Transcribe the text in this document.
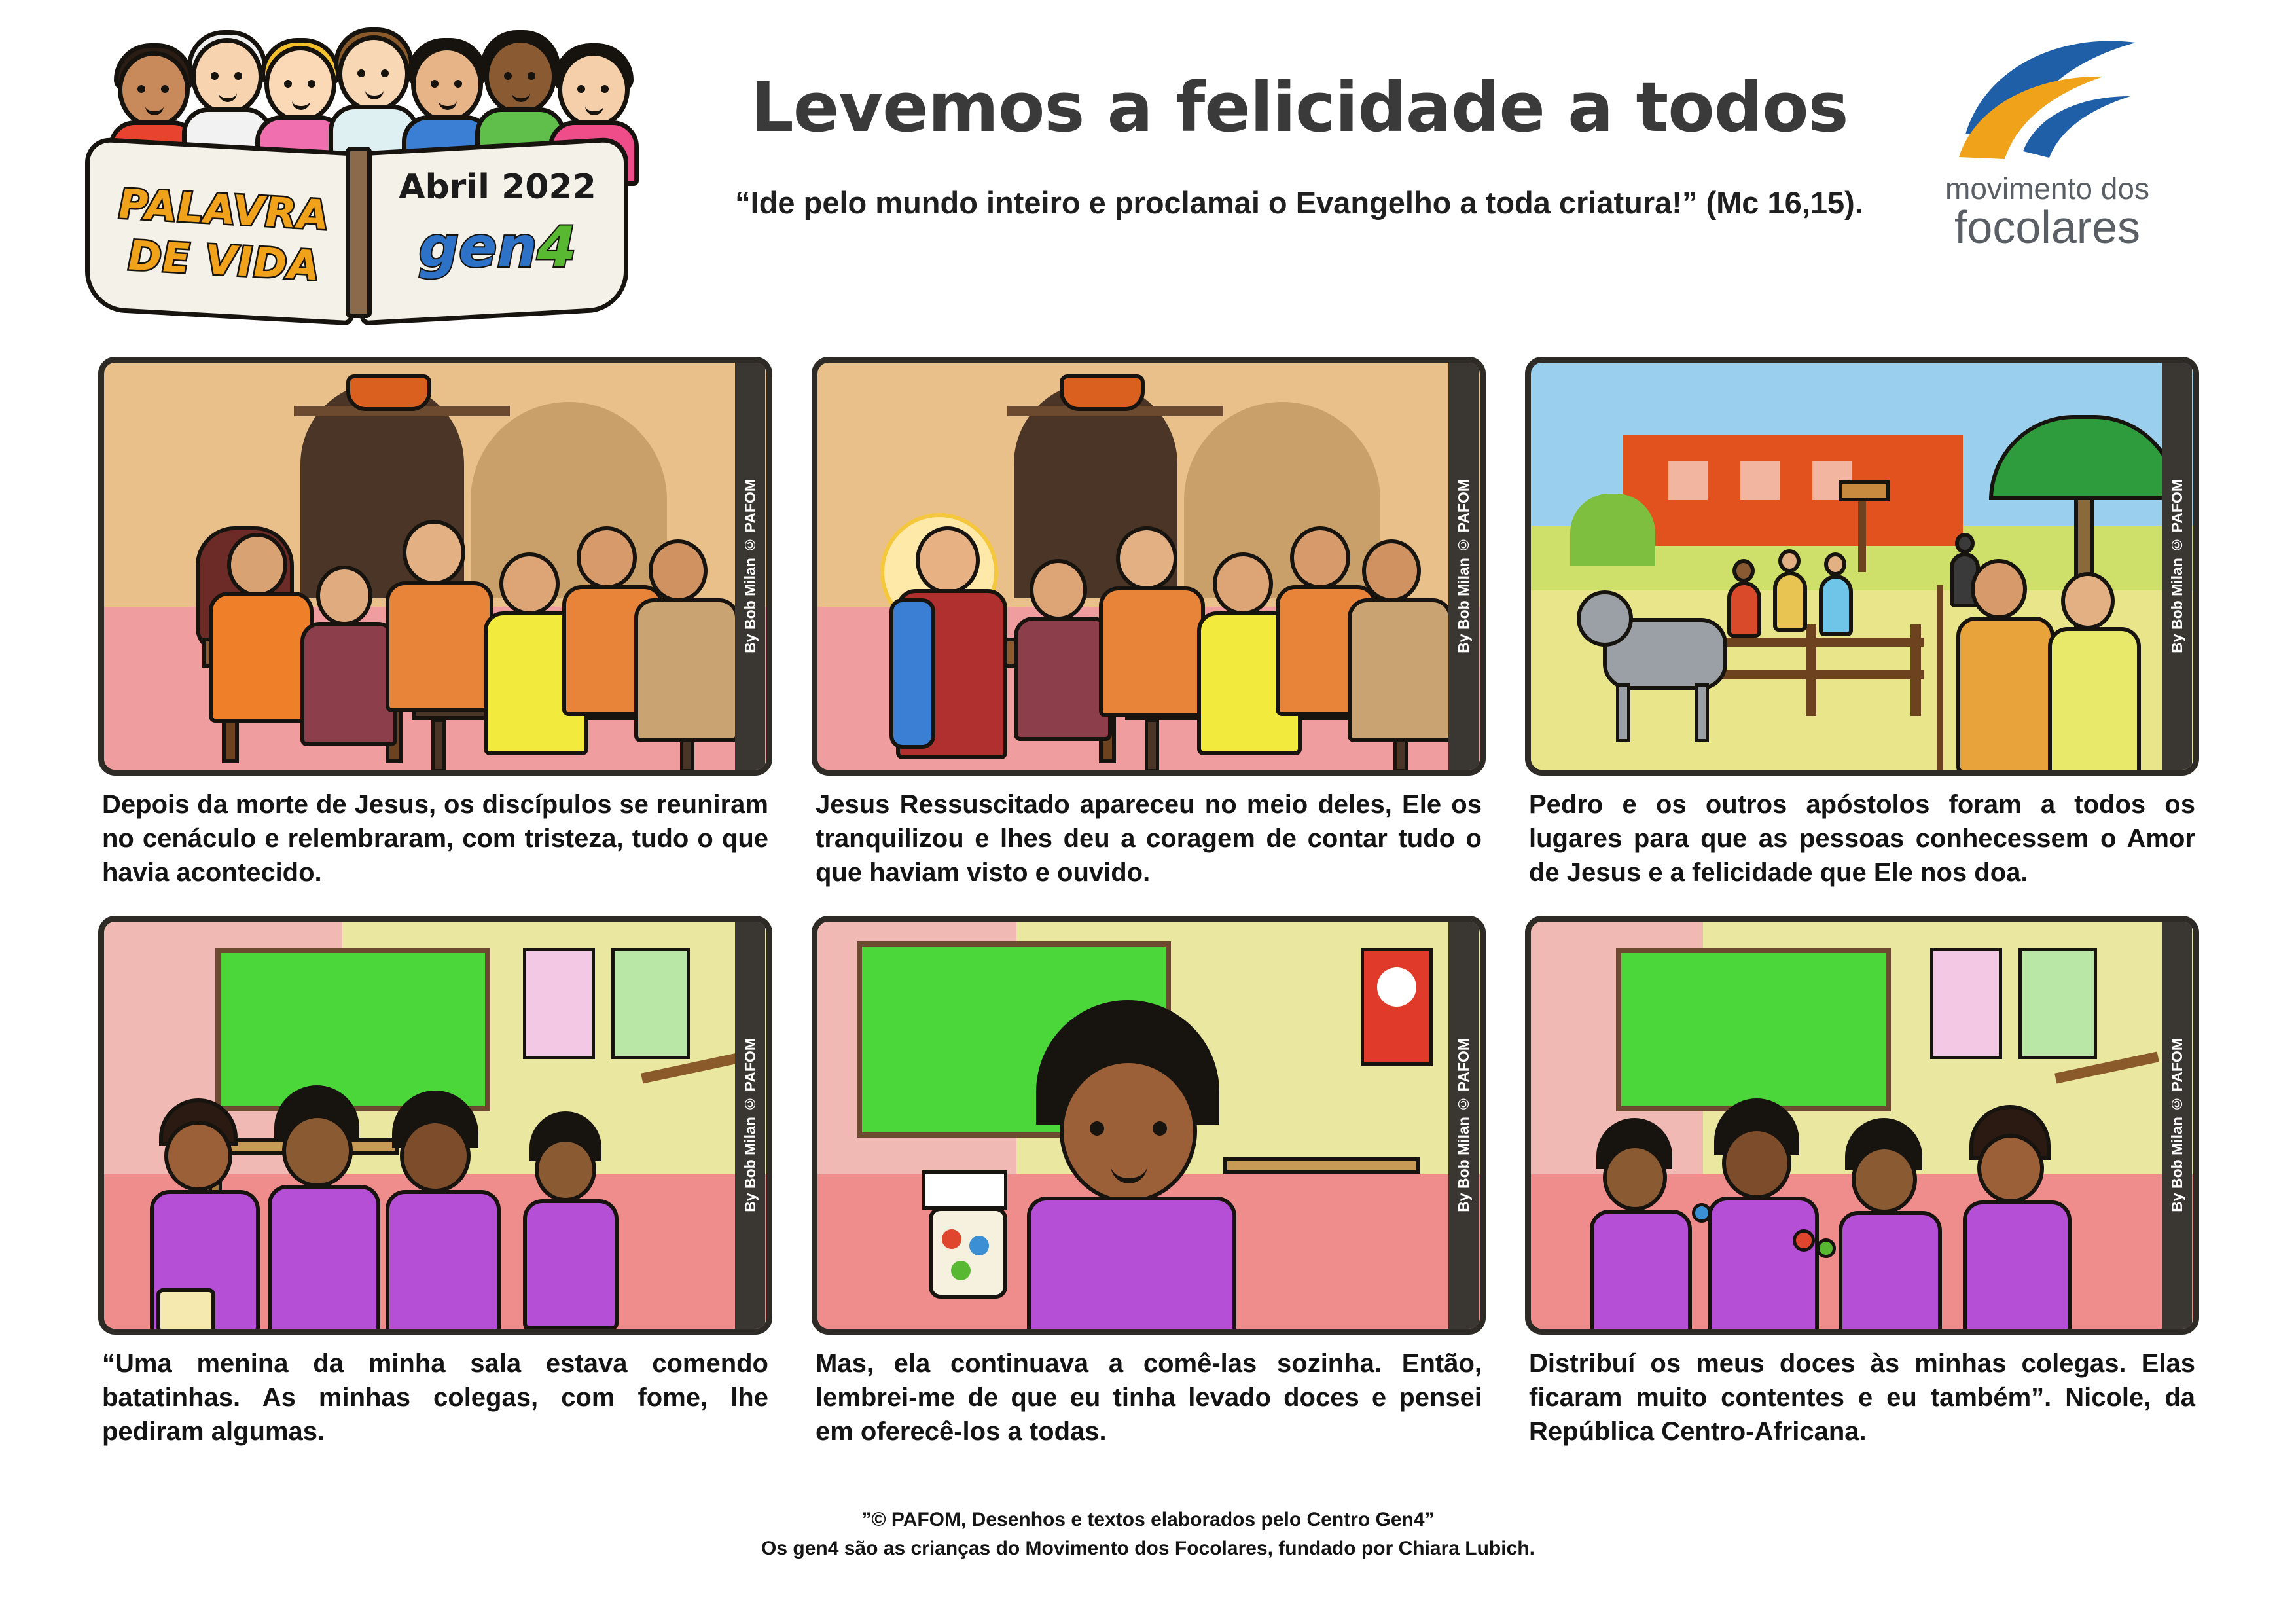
PALAVRA
DE VIDA
Abril 2022
gen4
Levemos a felicidade a todos

“Ide pelo mundo inteiro e proclamai o Evangelho a toda criatura!” (Mc 16,15).	movimento dos
focolares
By Bob Milan © PAFOM
Depois da morte de Jesus, os discípulos se reuniram no cenáculo e relembraram, com tristeza, tudo o que havia acontecido.
By Bob Milan © PAFOM
Jesus Ressuscitado apareceu no meio deles, Ele os tranquilizou e lhes deu a coragem de contar tudo o que haviam visto e ouvido.
By Bob Milan © PAFOM
Pedro e os outros apóstolos foram a todos os lugares para que as pessoas conhecessem o Amor de Jesus e a felicidade que Ele nos doa.
By Bob Milan © PAFOM
“Uma menina da minha sala estava comendo batatinhas. As minhas colegas, com fome, lhe pediram algumas.
By Bob Milan © PAFOM
Mas, ela continuava a comê-las sozinha. Então, lembrei-me de que eu tinha levado doces e pensei em oferecê-los a todas.
By Bob Milan © PAFOM
Distribuí os meus doces às minhas colegas. Elas ficaram muito contentes e eu também”. Nicole, da República Centro-Africana.
”© PAFOM, Desenhos e textos elaborados pelo Centro Gen4”
Os gen4 são as crianças do Movimento dos Focolares, fundado por Chiara Lubich.
